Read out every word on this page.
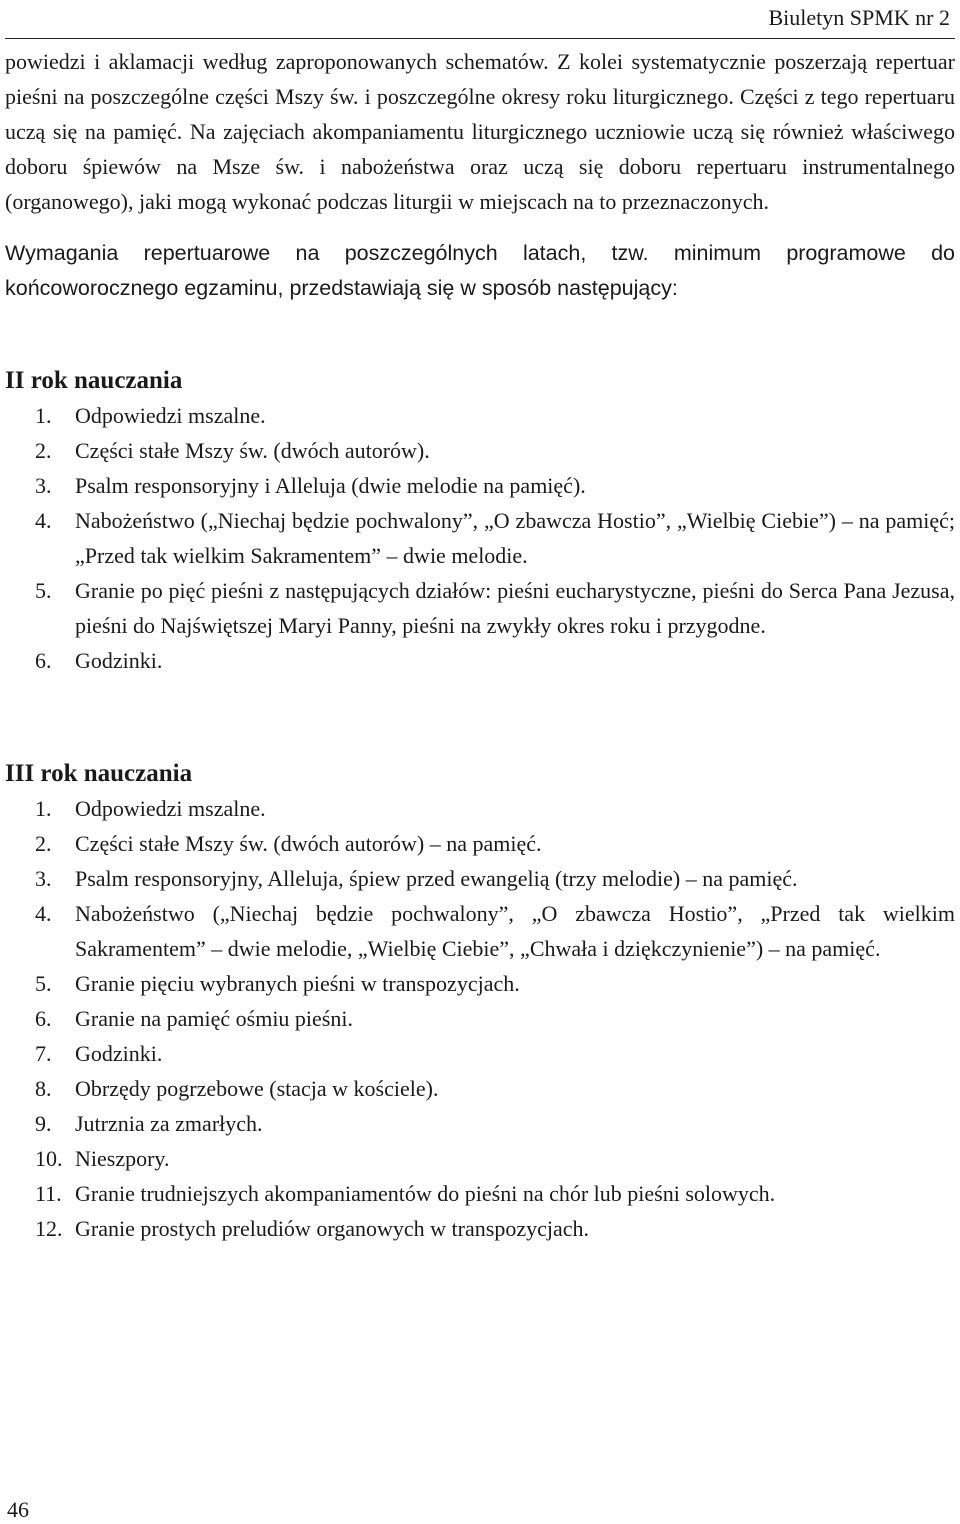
Biuletyn SPMK nr 2

powiedzi i aklamacji według zaproponowanych schematów. Z kolei systematycznie poszerzają repertuar pieśni na poszczególne części Mszy św. i poszczególne okresy roku liturgicznego. Części z tego repertuaru uczą się na pamięć. Na zajęciach akompaniamentu liturgicznego uczniowie uczą się również właściwego doboru śpiewów na Msze św. i nabożeństwa oraz uczą się doboru repertuaru instrumentalnego (organowego), jaki mogą wykonać podczas liturgii w miejscach na to przeznaczonych.

Wymagania repertuarowe na poszczególnych latach, tzw. minimum programowe do końcoworocznego egzaminu, przedstawiają się w sposób następujący:

II rok nauczania
1.	Odpowiedzi mszalne.
2.	Części stałe Mszy św. (dwóch autorów).
3.	Psalm responsoryjny i Alleluja (dwie melodie na pamięć).
4.	Nabożeństwo („Niechaj będzie pochwalony”, „O zbawcza Hostio”, „Wielbię Ciebie”) – na pamięć; „Przed tak wielkim Sakramentem” – dwie melodie.
5.	Granie po pięć pieśni z następujących działów: pieśni eucharystyczne, pieśni do Serca Pana Jezusa, pieśni do Najświętszej Maryi Panny, pieśni na zwykły okres roku i przygodne.
6.	Godzinki.
III rok nauczania
1.	Odpowiedzi mszalne.
2.	Części stałe Mszy św. (dwóch autorów) – na pamięć.
3.	Psalm responsoryjny, Alleluja, śpiew przed ewangelią (trzy melodie) – na pamięć.
4.	Nabożeństwo („Niechaj będzie pochwalony”, „O zbawcza Hostio”, „Przed tak wielkim Sakramentem” – dwie melodie, „Wielbię Ciebie”, „Chwała i dziękczynienie”) – na pamięć.
5.	Granie pięciu wybranych pieśni w transpozycjach.
6.	Granie na pamięć ośmiu pieśni.
7.	Godzinki.
8.	Obrzędy pogrzebowe (stacja w kościele).
9.	Jutrznia za zmarłych.
10. Nieszpory.
11. Granie trudniejszych akompaniamentów do pieśni na chór lub pieśni solowych.
12. Granie prostych preludiów organowych w transpozycjach.
46
